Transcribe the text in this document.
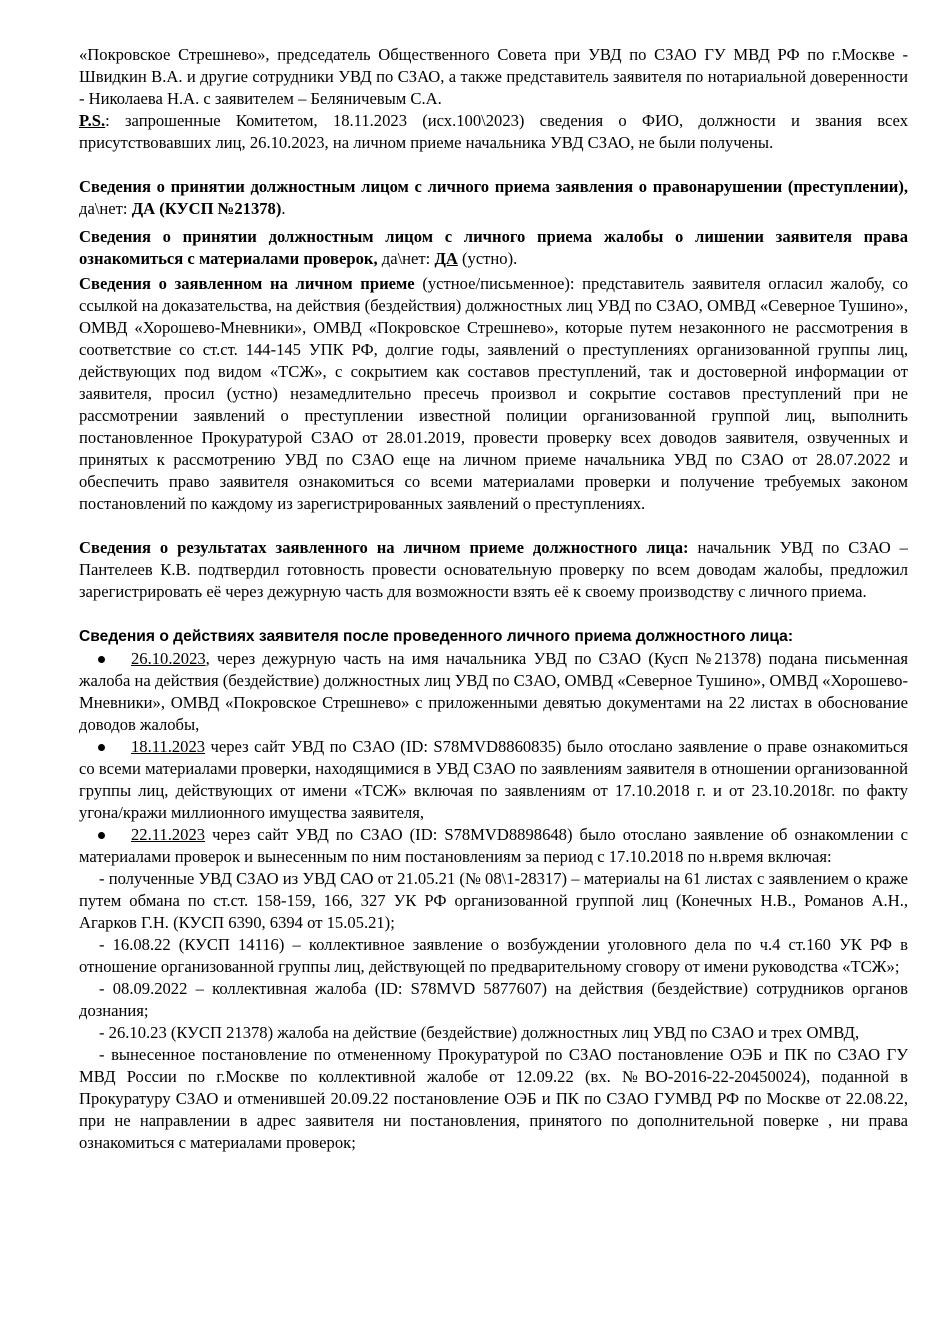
«Покровское Стрешнево», председатель Общественного Совета при УВД по СЗАО ГУ МВД РФ по г.Москве - Швидкин В.А. и другие сотрудники УВД по СЗАО, а также представитель заявителя по нотариальной доверенности - Николаева Н.А. с заявителем – Беляничевым С.А.

P.S.: запрошенные Комитетом, 18.11.2023 (исх.100\2023) сведения о ФИО, должности и звания всех присутствовавших лиц, 26.10.2023, на личном приеме начальника УВД СЗАО, не были получены.

Сведения о принятии должностным лицом с личного приема заявления о правонарушении (преступлении), да\нет: ДА (КУСП №21378).

Сведения о принятии должностным лицом с личного приема жалобы о лишении заявителя права ознакомиться с материалами проверок, да\нет: ДА (устно).

Сведения о заявленном на личном приеме (устное/письменное): представитель заявителя огласил жалобу, со ссылкой на доказательства, на действия (бездействия) должностных лиц УВД по СЗАО, ОМВД «Северное Тушино», ОМВД «Хорошево-Мневники», ОМВД «Покровское Стрешнево», которые путем незаконного не рассмотрения в соответствие со ст.ст. 144-145 УПК РФ, долгие годы, заявлений о преступлениях организованной группы лиц, действующих под видом «ТСЖ», с сокрытием как составов преступлений, так и достоверной информации от заявителя, просил (устно) незамедлительно пресечь произвол и сокрытие составов преступлений при не рассмотрении заявлений о преступлении известной полиции организованной группой лиц, выполнить постановленное Прокуратурой СЗАО от 28.01.2019, провести проверку всех доводов заявителя, озвученных и принятых к рассмотрению УВД по СЗАО еще на личном приеме начальника УВД по СЗАО от 28.07.2022 и обеспечить право заявителя ознакомиться со всеми материалами проверки и получение требуемых законом постановлений по каждому из зарегистрированных заявлений о преступлениях.

Сведения о результатах заявленного на личном приеме должностного лица: начальник УВД по СЗАО – Пантелеев К.В. подтвердил готовность провести основательную проверку по всем доводам жалобы, предложил зарегистрировать её через дежурную часть для возможности взять её к своему производству с личного приема.

Сведения о действиях заявителя после проведенного личного приема должностного лица:

26.10.2023, через дежурную часть на имя начальника УВД по СЗАО (Кусп №21378) подана письменная жалоба на действия (бездействие) должностных лиц УВД по СЗАО, ОМВД «Северное Тушино», ОМВД «Хорошево-Мневники», ОМВД «Покровское Стрешнево» с приложенными девятью документами на 22 листах в обоснование доводов жалобы,

18.11.2023 через сайт УВД по СЗАО (ID: S78MVD8860835) было отослано заявление о праве ознакомиться со всеми материалами проверки, находящимися в УВД СЗАО по заявлениям заявителя в отношении организованной группы лиц, действующих от имени «ТСЖ» включая по заявлениям от 17.10.2018 г. и от 23.10.2018г. по факту угона/кражи миллионного имущества заявителя,

22.11.2023 через сайт УВД по СЗАО (ID: S78MVD8898648) было отослано заявление об ознакомлении с материалами проверок и вынесенным по ним постановлениям за период с 17.10.2018 по н.время включая:

- полученные УВД СЗАО из УВД САО от 21.05.21 (№ 08\1-28317) – материалы на 61 листах с заявлением о краже путем обмана по ст.ст. 158-159, 166, 327 УК РФ организованной группой лиц (Конечных Н.В., Романов А.Н., Агарков Г.Н. (КУСП 6390, 6394 от 15.05.21);

- 16.08.22 (КУСП 14116) – коллективное заявление о возбуждении уголовного дела по ч.4 ст.160 УК РФ в отношение организованной группы лиц, действующей по предварительному сговору от имени руководства «ТСЖ»;

- 08.09.2022 – коллективная жалоба (ID: S78MVD 5877607) на действия (бездействие) сотрудников органов дознания;

- 26.10.23 (КУСП 21378) жалоба на действие (бездействие) должностных лиц УВД по СЗАО и трех ОМВД,

- вынесенное постановление по отмененному Прокуратурой по СЗАО постановление ОЭБ и ПК по СЗАО ГУ МВД России по г.Москве по коллективной жалобе от 12.09.22 (вх. №ВО-2016-22-20450024), поданной в Прокуратуру СЗАО и отменившей 20.09.22 постановление ОЭБ и ПК по СЗАО ГУМВД РФ по Москве от 22.08.22, при не направлении в адрес заявителя ни постановления, принятого по дополнительной поверке , ни права ознакомиться с материалами проверок;
